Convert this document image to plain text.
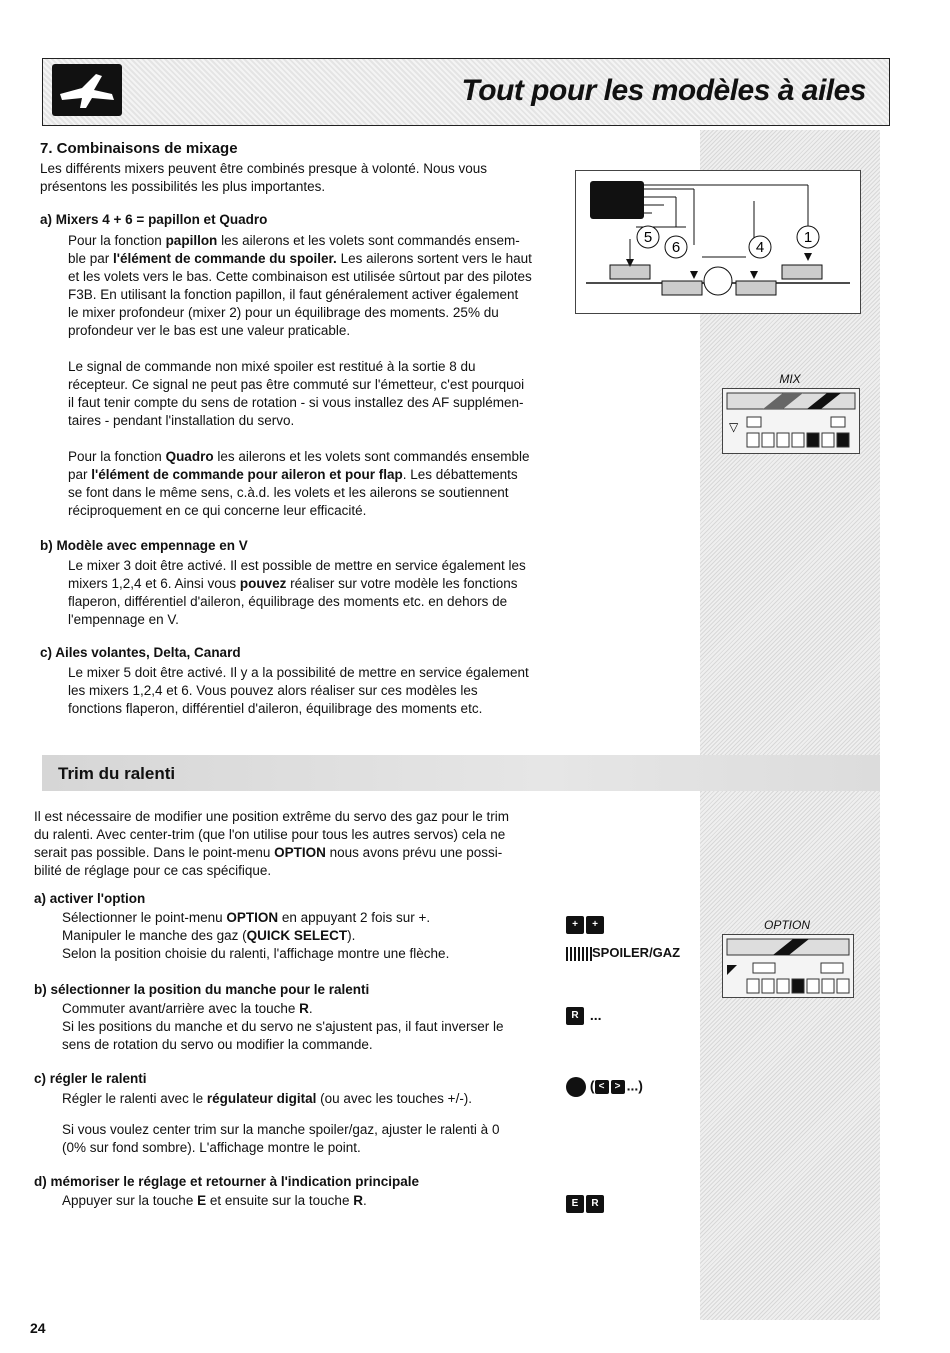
Tout pour les modèles à ailes
7. Combinaisons de mixage
Les différents mixers peuvent être combinés presque à volonté. Nous vous
présentons les possibilités les plus importantes.
a) Mixers 4 + 6 = papillon et Quadro
Pour la fonction papillon les ailerons et les volets sont commandés ensem-
ble par l'élément de commande du spoiler. Les ailerons sortent vers le haut
et les volets vers le bas. Cette combinaison est utilisée sûrtout par des pilotes
F3B. En utilisant la fonction papillon, il faut généralement activer également
le mixer profondeur (mixer 2) pour un équilibrage des moments. 25% du
profondeur ver le bas est une valeur praticable.
Le signal de commande non mixé spoiler est restitué à la sortie 8 du
récepteur. Ce signal ne peut pas être commuté sur l'émetteur, c'est pourquoi
il faut tenir compte du sens de rotation - si vous installez des AF supplémen-
taires - pendant l'installation du servo.
Pour la fonction Quadro les ailerons et les volets sont commandés ensemble
par l'élément de commande pour aileron et pour flap. Les débattements
se font dans le même sens, c.à.d. les volets et les ailerons se soutiennent
réciproquement en ce qui concerne leur efficacité.
b) Modèle avec empennage en V
Le mixer 3 doit être activé. Il est possible de mettre en service également les
mixers 1,2,4 et 6. Ainsi vous pouvez réaliser sur votre modèle les fonctions
flaperon, différentiel d'aileron, équilibrage des moments etc. en dehors de
l'empennage en V.
c) Ailes volantes, Delta, Canard
Le mixer 5 doit être activé. Il y a la possibilité de mettre en service également
les mixers 1,2,4 et 6. Vous pouvez alors réaliser sur ces modèles les
fonctions flaperon, différentiel d'aileron, équilibrage des moments etc.
5
6	4
1
MIX
▽
Trim du ralenti
Il est nécessaire de modifier une position extrême du servo des gaz pour le trim
du ralenti. Avec center-trim (que l'on utilise pour tous les autres servos) cela ne
serait pas possible. Dans le point-menu OPTION nous avons prévu une possi-
bilité de réglage pour ce cas spécifique.
a) activer l'option
Sélectionner le point-menu OPTION en appuyant 2 fois sur +.
Manipuler le manche des gaz (QUICK SELECT).
Selon la position choisie du ralenti, l'affichage montre une flèche.
b) sélectionner la position du manche pour le ralenti
Commuter avant/arrière avec la touche R.
Si les positions du manche et du servo ne s'ajustent pas, il faut inverser le
sens de rotation du servo ou modifier la commande.
c) régler le ralenti
Régler le ralenti avec le régulateur digital (ou avec les touches +/-).
Si vous voulez center trim sur la manche spoiler/gaz, ajuster le ralenti à 0
(0% sur fond sombre). L'affichage montre le point.
d) mémoriser le réglage et retourner à l'indication principale
Appuyer sur la touche E et ensuite sur la touche R.
+ +
SPOILER/GAZ
R ...
( < > ...)
E R
OPTION
24
